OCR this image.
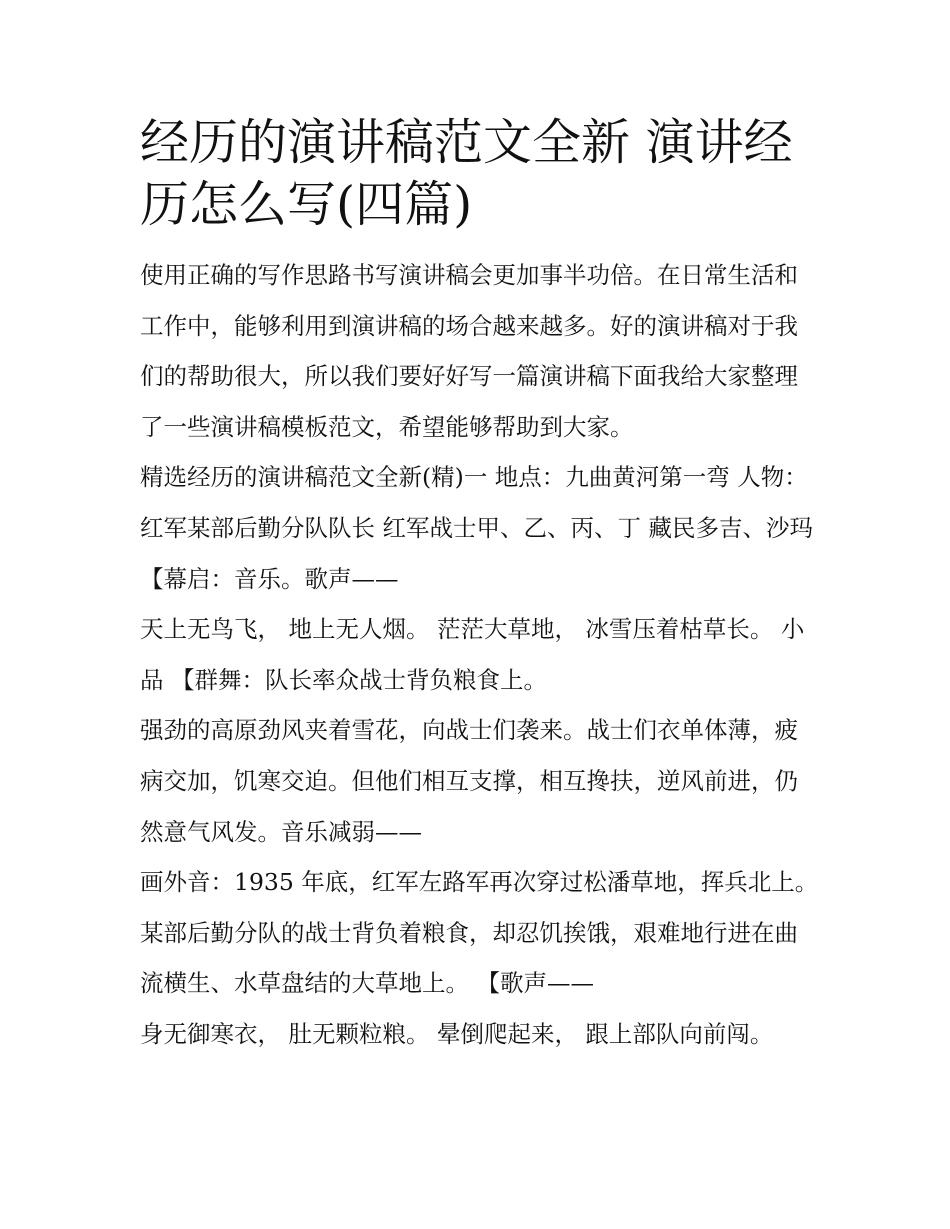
经历的演讲稿范文全新 演讲经历怎么写(四篇)

使用正确的写作思路书写演讲稿会更加事半功倍。在日常生活和工作中，能够利用到演讲稿的场合越来越多。好的演讲稿对于我们的帮助很大，所以我们要好好写一篇演讲稿下面我给大家整理了一些演讲稿模板范文，希望能够帮助到大家。

精选经历的演讲稿范文全新(精)一 地点：九曲黄河第一弯 人物：红军某部后勤分队队长 红军战士甲、乙、丙、丁 藏民多吉、沙玛 【幕启：音乐。歌声——

天上无鸟飞， 地上无人烟。 茫茫大草地， 冰雪压着枯草长。 小品 【群舞：队长率众战士背负粮食上。

强劲的高原劲风夹着雪花，向战士们袭来。战士们衣单体薄，疲病交加，饥寒交迫。但他们相互支撑，相互搀扶，逆风前进，仍然意气风发。音乐减弱——

画外音：1935 年底，红军左路军再次穿过松潘草地，挥兵北上。某部后勤分队的战士背负着粮食，却忍饥挨饿，艰难地行进在曲流横生、水草盘结的大草地上。 【歌声——

身无御寒衣， 肚无颗粒粮。 晕倒爬起来， 跟上部队向前闯。
